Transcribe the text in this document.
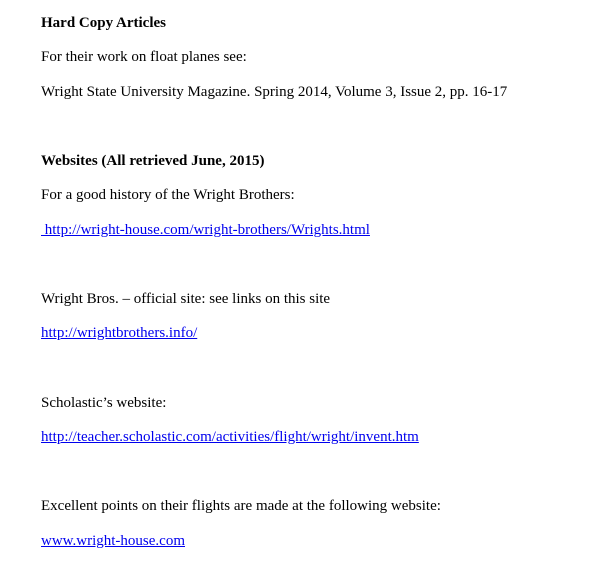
Hard Copy Articles
For their work on float planes see:
Wright State University Magazine. Spring 2014, Volume 3, Issue 2, pp. 16-17
Websites (All retrieved June, 2015)
For a good history of the Wright Brothers:
http://wright-house.com/wright-brothers/Wrights.html
Wright Bros. – official site: see links on this site
http://wrightbrothers.info/
Scholastic’s website:
http://teacher.scholastic.com/activities/flight/wright/invent.htm
Excellent points on their flights are made at the following website:
www.wright-house.com
